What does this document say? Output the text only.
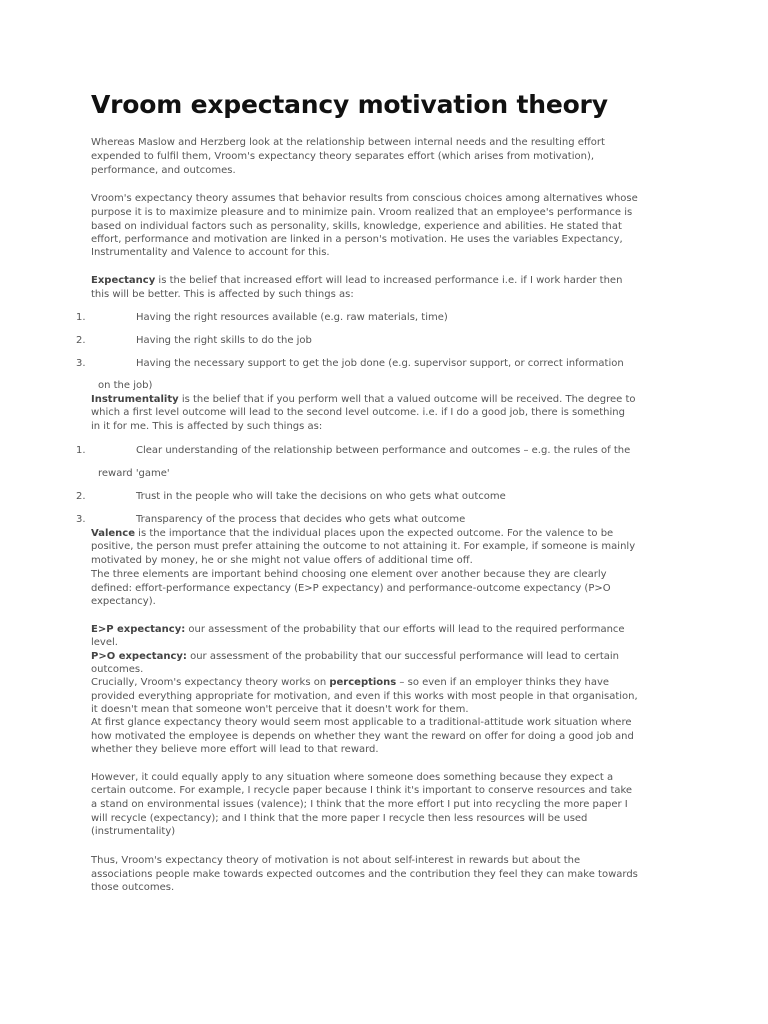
Vroom expectancy motivation theory
Whereas Maslow and Herzberg look at the relationship between internal needs and the resulting effort
expended to fulfil them, Vroom's expectancy theory separates effort (which arises from motivation),
performance, and outcomes.
Vroom's expectancy theory assumes that behavior results from conscious choices among alternatives whose
purpose it is to maximize pleasure and to minimize pain. Vroom realized that an employee's performance is
based on individual factors such as personality, skills, knowledge, experience and abilities. He stated that
effort, performance and motivation are linked in a person's motivation. He uses the variables Expectancy,
Instrumentality and Valence to account for this.
Expectancy is the belief that increased effort will lead to increased performance i.e. if I work harder then
this will be better. This is affected by such things as:
1.	Having the right resources available (e.g. raw materials, time)
2.	Having the right skills to do the job
3.	Having the necessary support to get the job done (e.g. supervisor support, or correct information
on the job)
Instrumentality is the belief that if you perform well that a valued outcome will be received. The degree to
which a first level outcome will lead to the second level outcome. i.e. if I do a good job, there is something
in it for me. This is affected by such things as:
1.	Clear understanding of the relationship between performance and outcomes – e.g. the rules of the
reward 'game'
2.	Trust in the people who will take the decisions on who gets what outcome
3.	Transparency of the process that decides who gets what outcome
Valence is the importance that the individual places upon the expected outcome. For the valence to be
positive, the person must prefer attaining the outcome to not attaining it. For example, if someone is mainly
motivated by money, he or she might not value offers of additional time off.
The three elements are important behind choosing one element over another because they are clearly
defined: effort-performance expectancy (E>P expectancy) and performance-outcome expectancy (P>O
expectancy).
E>P expectancy: our assessment of the probability that our efforts will lead to the required performance
level.
P>O expectancy: our assessment of the probability that our successful performance will lead to certain
outcomes.
Crucially, Vroom's expectancy theory works on perceptions – so even if an employer thinks they have
provided everything appropriate for motivation, and even if this works with most people in that organisation,
it doesn't mean that someone won't perceive that it doesn't work for them.
At first glance expectancy theory would seem most applicable to a traditional-attitude work situation where
how motivated the employee is depends on whether they want the reward on offer for doing a good job and
whether they believe more effort will lead to that reward.
However, it could equally apply to any situation where someone does something because they expect a
certain outcome. For example, I recycle paper because I think it's important to conserve resources and take
a stand on environmental issues (valence); I think that the more effort I put into recycling the more paper I
will recycle (expectancy); and I think that the more paper I recycle then less resources will be used
(instrumentality)
Thus, Vroom's expectancy theory of motivation is not about self-interest in rewards but about the
associations people make towards expected outcomes and the contribution they feel they can make towards
those outcomes.
